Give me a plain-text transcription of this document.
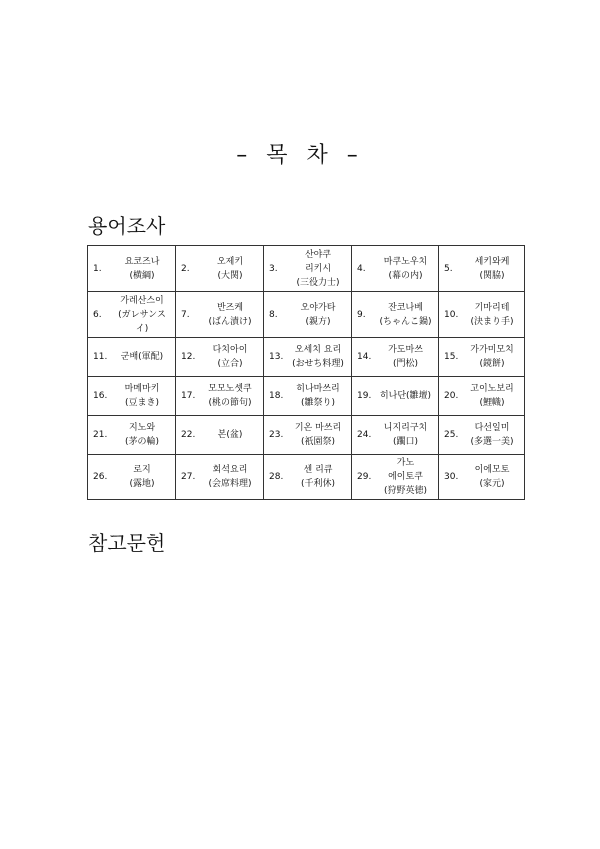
– 목 차 –
용어조사
1.
요코즈나
(横綱)	2.
오제키
(大関)	3.
산야쿠
리키시
(三役力士)	4.
마쿠노우치
(幕の内)	5.
세키와케
(関脇)

6.
가레산스이
(ガレサンス
イ)	7.
반즈케
(ばん漬け)	8.
오야가타
(親方)	9.
잔코나베
(ちゃんこ鍋)	10.
기마리테
(決まり手)

11. 군배(軍配)	12.
다치아이
(立合)	13.
오세치 요리
(おせち料理)	14.
가도마쓰
(門松)	15.
가가미모치
(鏡餅)

16.
마메마키
(豆まき)	17.
모모노셋쿠
(桃の節句)	18.
히나마쓰리
(雛祭り)	19. 히나단(雛壇)	20.
고이노보리
(鯉幟)

21.
지노와
(茅の輪)	22. 본(盆)	23.
기온 마쓰리
(祇園祭)	24.
니지리구치
(躙口)	25.
다선일미
(多選一美)

26.
로지
(露地)	27.
회석요리
(会席料理)	28.
센 리큐
(千利休)	29.
가노
에이토쿠
(狩野英徳)	30.
이에모토
(家元)
참고문헌
